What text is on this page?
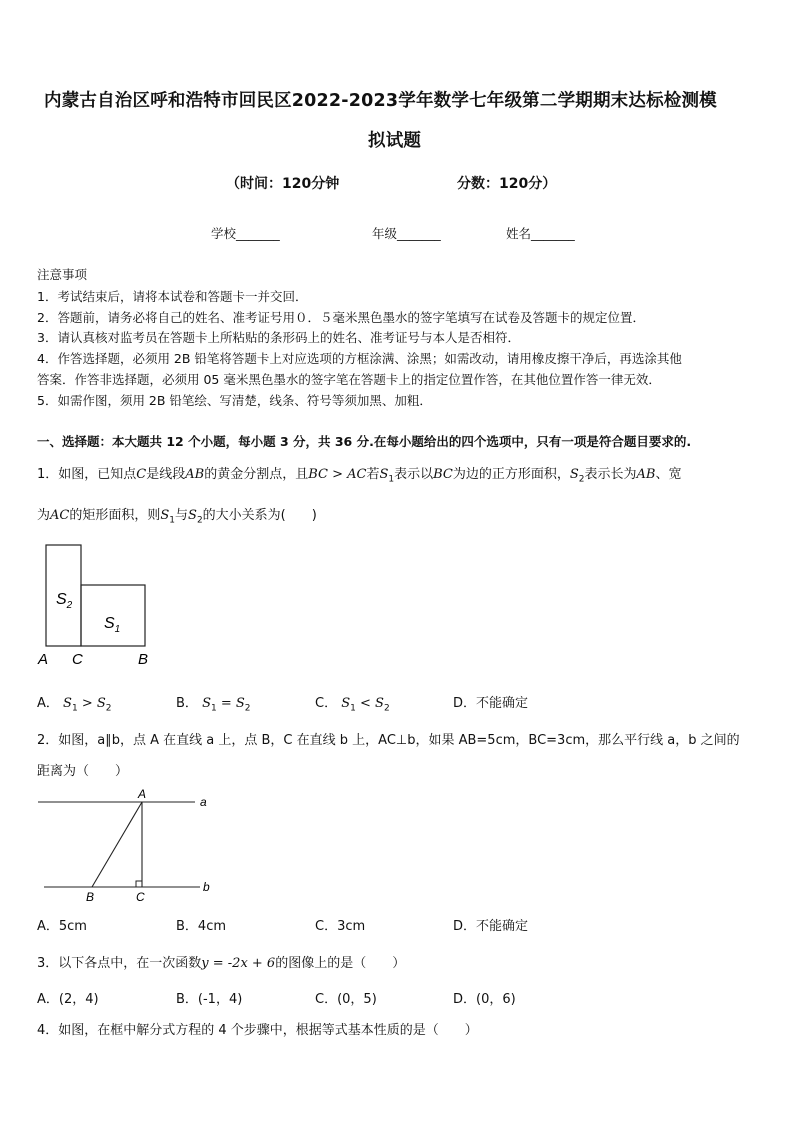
内蒙古自治区呼和浩特市回民区2022-2023学年数学七年级第二学期期末达标检测模
拟试题
（时间：120分钟	分数：120分）
学校_______	年级_______	姓名_______
注意事项
1．考试结束后，请将本试卷和答题卡一并交回．
2．答题前，请务必将自己的姓名、准考证号用０．５毫米黑色墨水的签字笔填写在试卷及答题卡的规定位置．
3．请认真核对监考员在答题卡上所粘贴的条形码上的姓名、准考证号与本人是否相符．
4．作答选择题，必须用 2B 铅笔将答题卡上对应选项的方框涂满、涂黑；如需改动，请用橡皮擦干净后，再选涂其他
答案．作答非选择题，必须用 05 毫米黑色墨水的签字笔在答题卡上的指定位置作答，在其他位置作答一律无效．
5．如需作图，须用 2B 铅笔绘、写清楚，线条、符号等须加黑、加粗．
一、选择题：本大题共 12 个小题，每小题 3 分，共 36 分.在每小题给出的四个选项中，只有一项是符合题目要求的.
1．如图，已知点C是线段AB的黄金分割点，且BC > AC若$S_1$表示以BC为边的正方形面积，$S_2$表示长为AB、宽
为AC的矩形面积，则$S_1$与$S_2$的大小关系为(　　)
$S_2$
$S_1$
A C	B
A． $S_1 > S_2$	B． $S_1 = S_2$	C． $S_1 < S_2$	D．不能确定
2．如图，a∥b，点 A 在直线 a 上，点 B，C 在直线 b 上，AC⊥b，如果 AB=5cm，BC=3cm，那么平行线 a，b 之间的
距离为（　　）
A
a
B	C
b
A．5cm	B．4cm	C．3cm	D．不能确定
3．以下各点中，在一次函数y = -2x + 6的图像上的是（　　）
A．(2，4)	B．(-1，4)	C．(0，5)	D．(0，6)
4．如图，在框中解分式方程的 4 个步骤中，根据等式基本性质的是（　　）
